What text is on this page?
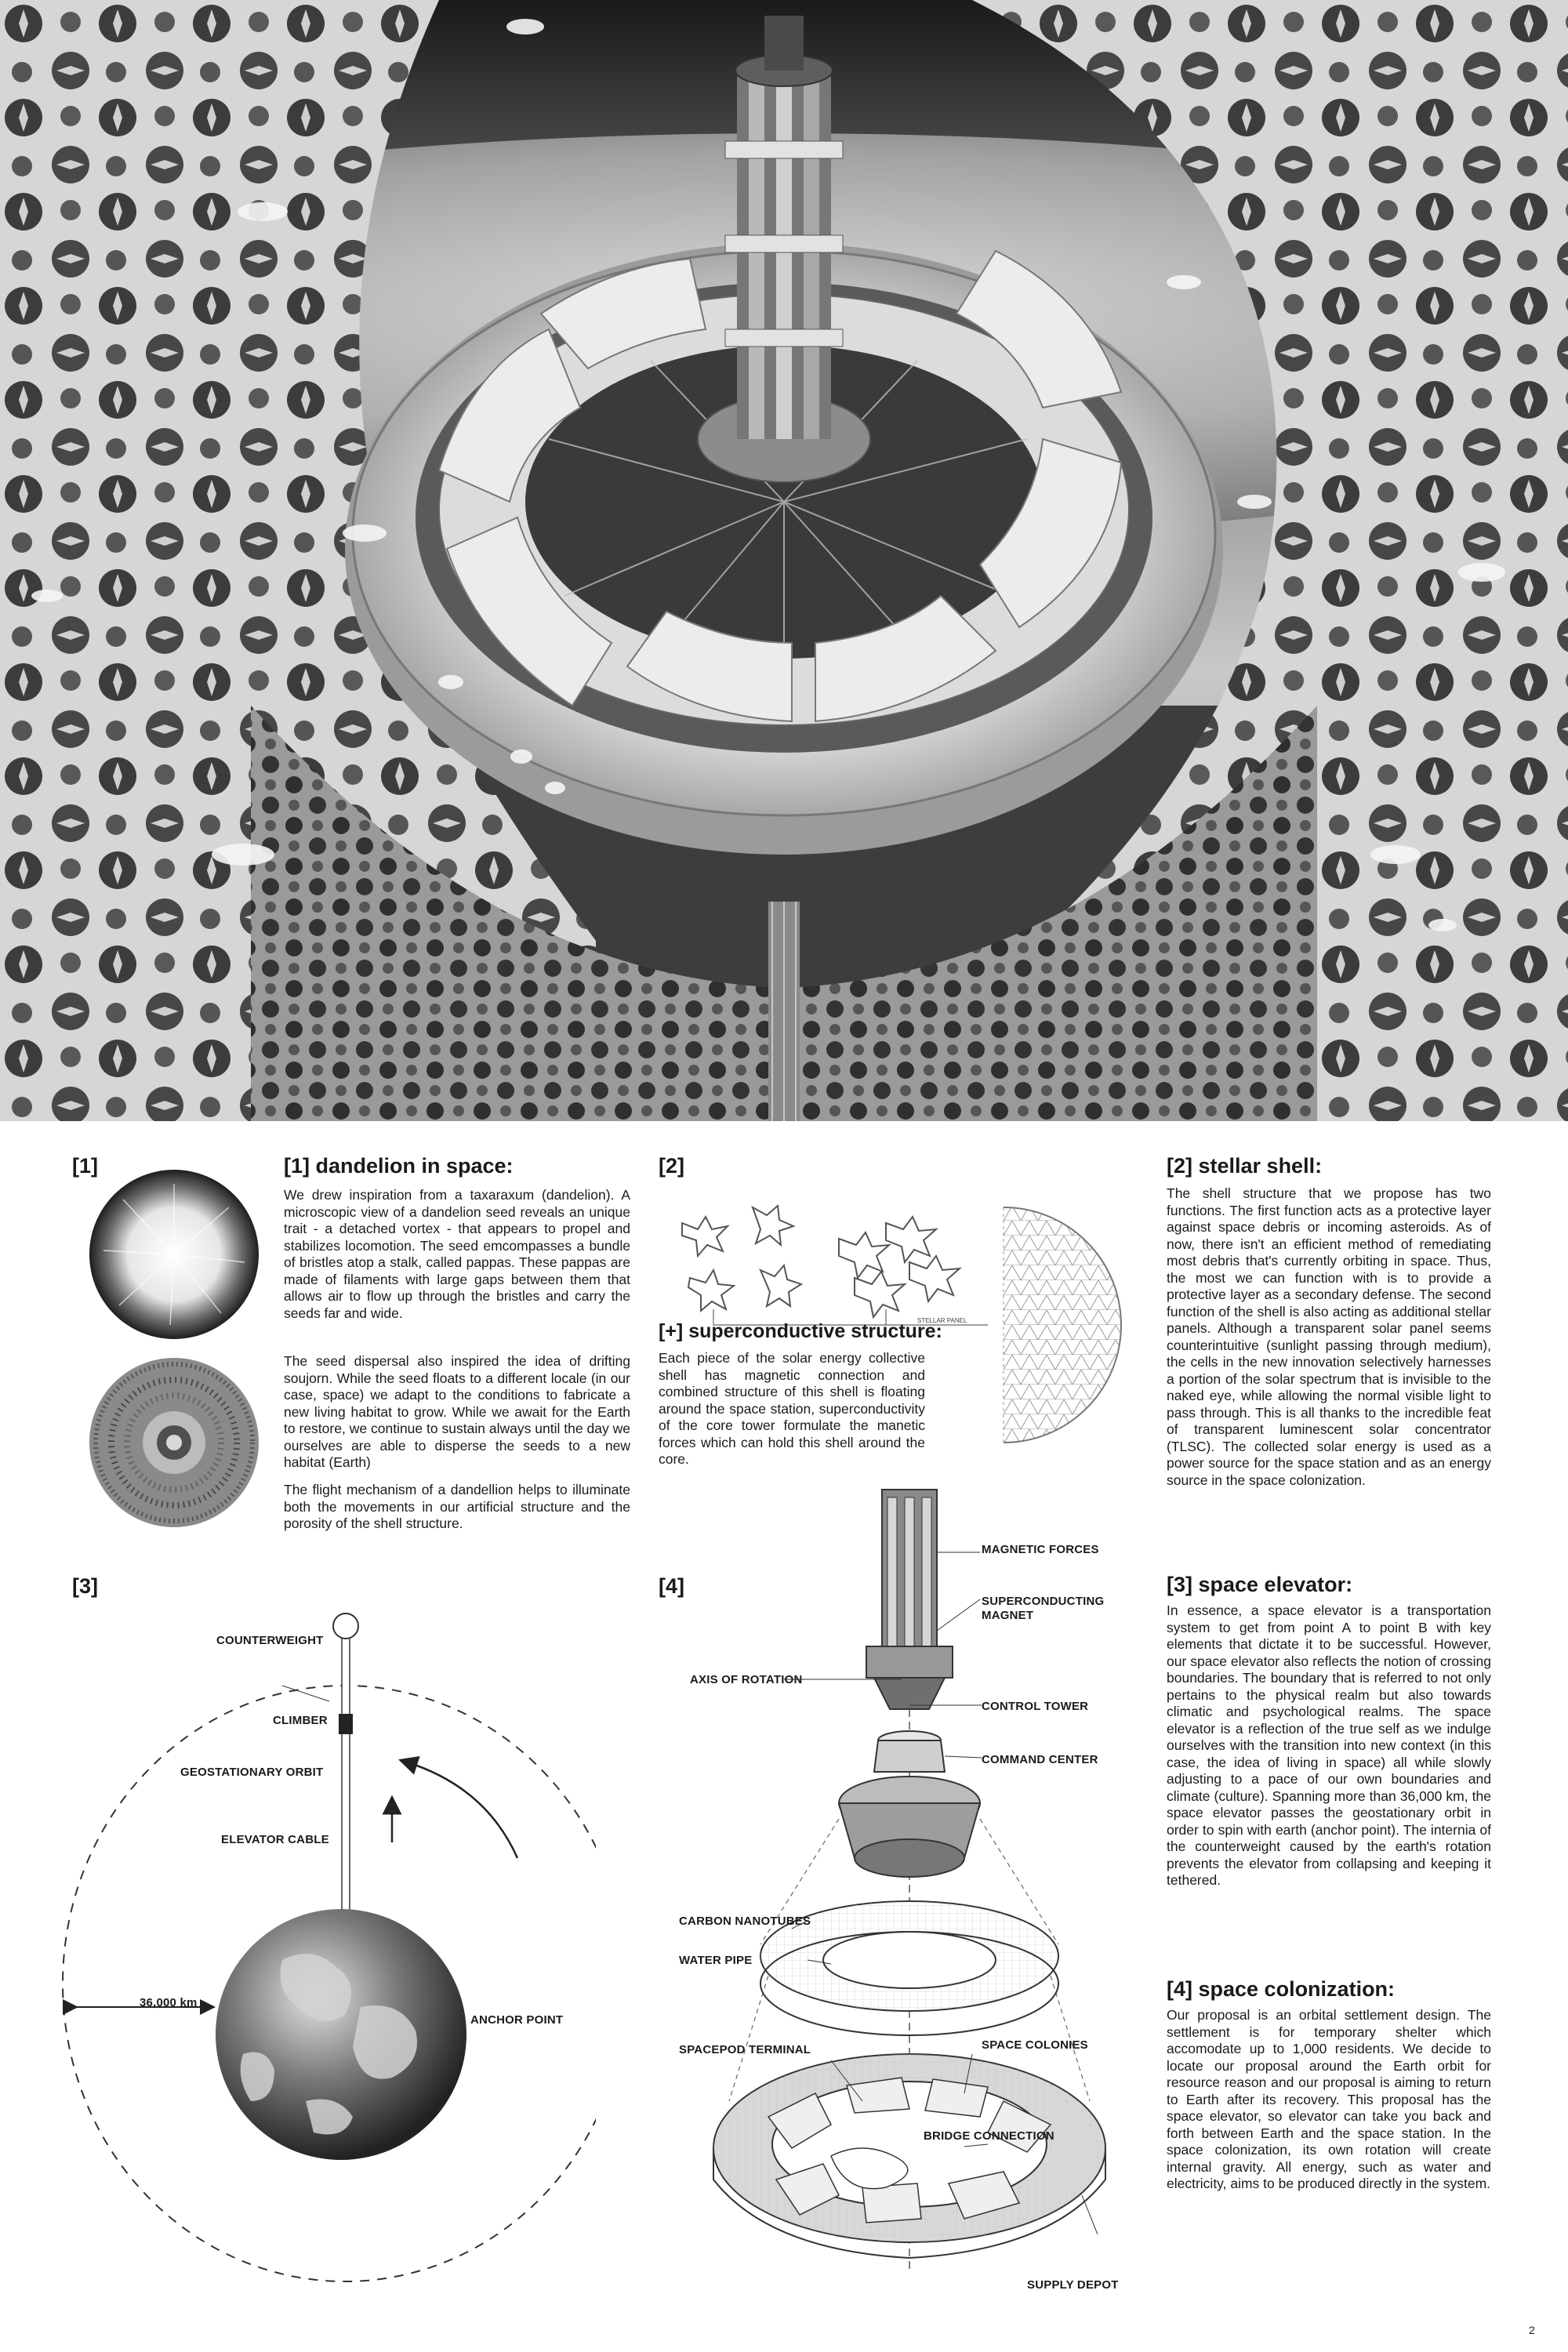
[1]	[1] dandelion in space:
We drew inspiration from a taxaraxum (dandelion). A microscopic view of a dandelion seed reveals an unique trait - a detached vortex - that appears to propel and stabilizes locomotion. The seed emcompasses a bundle of bristles atop a stalk, called pappas. These pappas are made of filaments with large gaps between them that allows air to flow up through the bristles and carry the seeds far and wide.
The seed dispersal also inspired the idea of drifting soujorn. While the seed floats to a different locale (in our case, space) we adapt to the conditions to fabricate a new living habitat to grow. While we await for the Earth to restore, we continue to sustain always until the day we ourselves are able to disperse the seeds to a new habitat (Earth)
The flight mechanism of a dandellion helps to illuminate both the movements in our artificial structure and the porosity of the shell structure.
[2]
STELLAR PANEL
[+] superconductive structure:
Each piece of the solar energy collective shell has magnetic connection and combined structure of this shell is floating around the space station, superconductivity of the core tower formulate the manetic forces which can hold this shell around the core.
[2] stellar shell:
The shell structure that we propose has two functions. The first function acts as a protective layer against space debris or incoming asteroids. As of now, there isn't an efficient method of remediating most debris that's currently orbiting in space. Thus, the most we can function with is to provide a protective layer as a secondary defense. The second function of the shell is also acting as additional stellar panels. Although a transparent solar panel seems counterintuitive (sunlight passing through medium), the cells in the new innovation selectively harnesses a portion of the solar spectrum that is invisible to the naked eye, while allowing the normal visible light to pass through. This is all thanks to the incredible feat of transparent luminescent solar concentrator (TLSC). The collected solar energy is used as a power source for the space station and as an energy source in the space colonization.
[3]
COUNTERWEIGHT
CLIMBER
GEOSTATIONARY ORBIT
ELEVATOR CABLE
36,000 km
ANCHOR POINT
[4]
MAGNETIC FORCES
SUPERCONDUCTING
MAGNET
AXIS OF ROTATION
CONTROL TOWER
COMMAND CENTER
CARBON NANOTUBES
WATER PIPE
SPACEPOD TERMINAL	SPACE COLONIES
BRIDGE CONNECTION
SUPPLY DEPOT
[3] space elevator:
In essence, a space elevator is a transportation system to get from point A to point B with key elements that dictate it to be successful. However, our space elevator also reflects the notion of crossing boundaries. The boundary that is referred to not only pertains to the physical realm but also towards climatic and psychological realms. The space elevator is a reflection of the true self as we indulge ourselves with the transition into new context (in this case, the idea of living in space) all while slowly adjusting to a pace of our own boundaries and climate (culture). Spanning more than 36,000 km, the space elevator passes the geostationary orbit in order to spin with earth (anchor point). The internia of the counterweight caused by the earth's rotation prevents the elevator from collapsing and keeping it tethered.
[4] space colonization:
Our proposal is an orbital settlement design. The settlement is for temporary shelter which accomodate up to 1,000 residents. We decide to locate our proposal around the Earth orbit for resource reason and our proposal is aiming to return to Earth after its recovery. This proposal has the space elevator, so elevator can take you back and forth between Earth and the space station. In the space colonization, its own rotation will create internal gravity. All energy, such as water and electricity, aims to be produced directly in the system.
2
